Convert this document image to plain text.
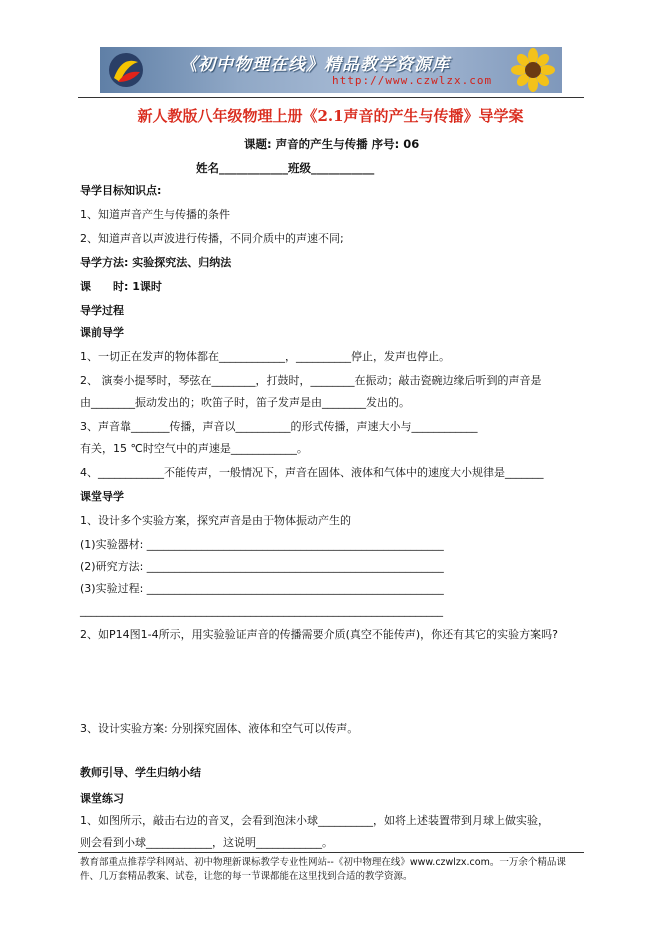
《初中物理在线》精品教学资源库
http://www.czwlzx.com
新人教版八年级物理上册《2.1声音的产生与传播》导学案
课题: 声音的产生与传播 序号: 06
姓名____________班级___________
导学目标知识点:
1、知道声音产生与传播的条件
2、知道声音以声波进行传播，不同介质中的声速不同;
导学方法: 实验探究法、归纳法
课　　时: 1课时
导学过程
课前导学
1、一切正在发声的物体都在____________，__________停止，发声也停止。
2、 演奏小提琴时，琴弦在________，打鼓时，________在振动；敲击瓷碗边缘后听到的声音是
由________振动发出的；吹笛子时，笛子发声是由________发出的。
3、声音靠_______传播，声音以__________的形式传播，声速大小与____________
有关，15 ℃时空气中的声速是____________。
4、____________不能传声，一般情况下，声音在固体、液体和气体中的速度大小规律是_______
课堂导学
1、设计多个实验方案，探究声音是由于物体振动产生的
(1)实验器材: ______________________________________________________
(2)研究方法: ______________________________________________________
(3)实验过程: ______________________________________________________
__________________________________________________________________
2、如P14图1-4所示，用实验验证声音的传播需要介质(真空不能传声)，你还有其它的实验方案吗?
3、设计实验方案: 分别探究固体、液体和空气可以传声。
教师引导、学生归纳小结
课堂练习
1、如图所示，敲击右边的音叉，会看到泡沫小球__________，如将上述装置带到月球上做实验，
则会看到小球____________，这说明____________。
教育部重点推荐学科网站、初中物理新课标教学专业性网站--《初中物理在线》www.czwlzx.com。一万余个精品课
件、几万套精品教案、试卷，让您的每一节课都能在这里找到合适的教学资源。
